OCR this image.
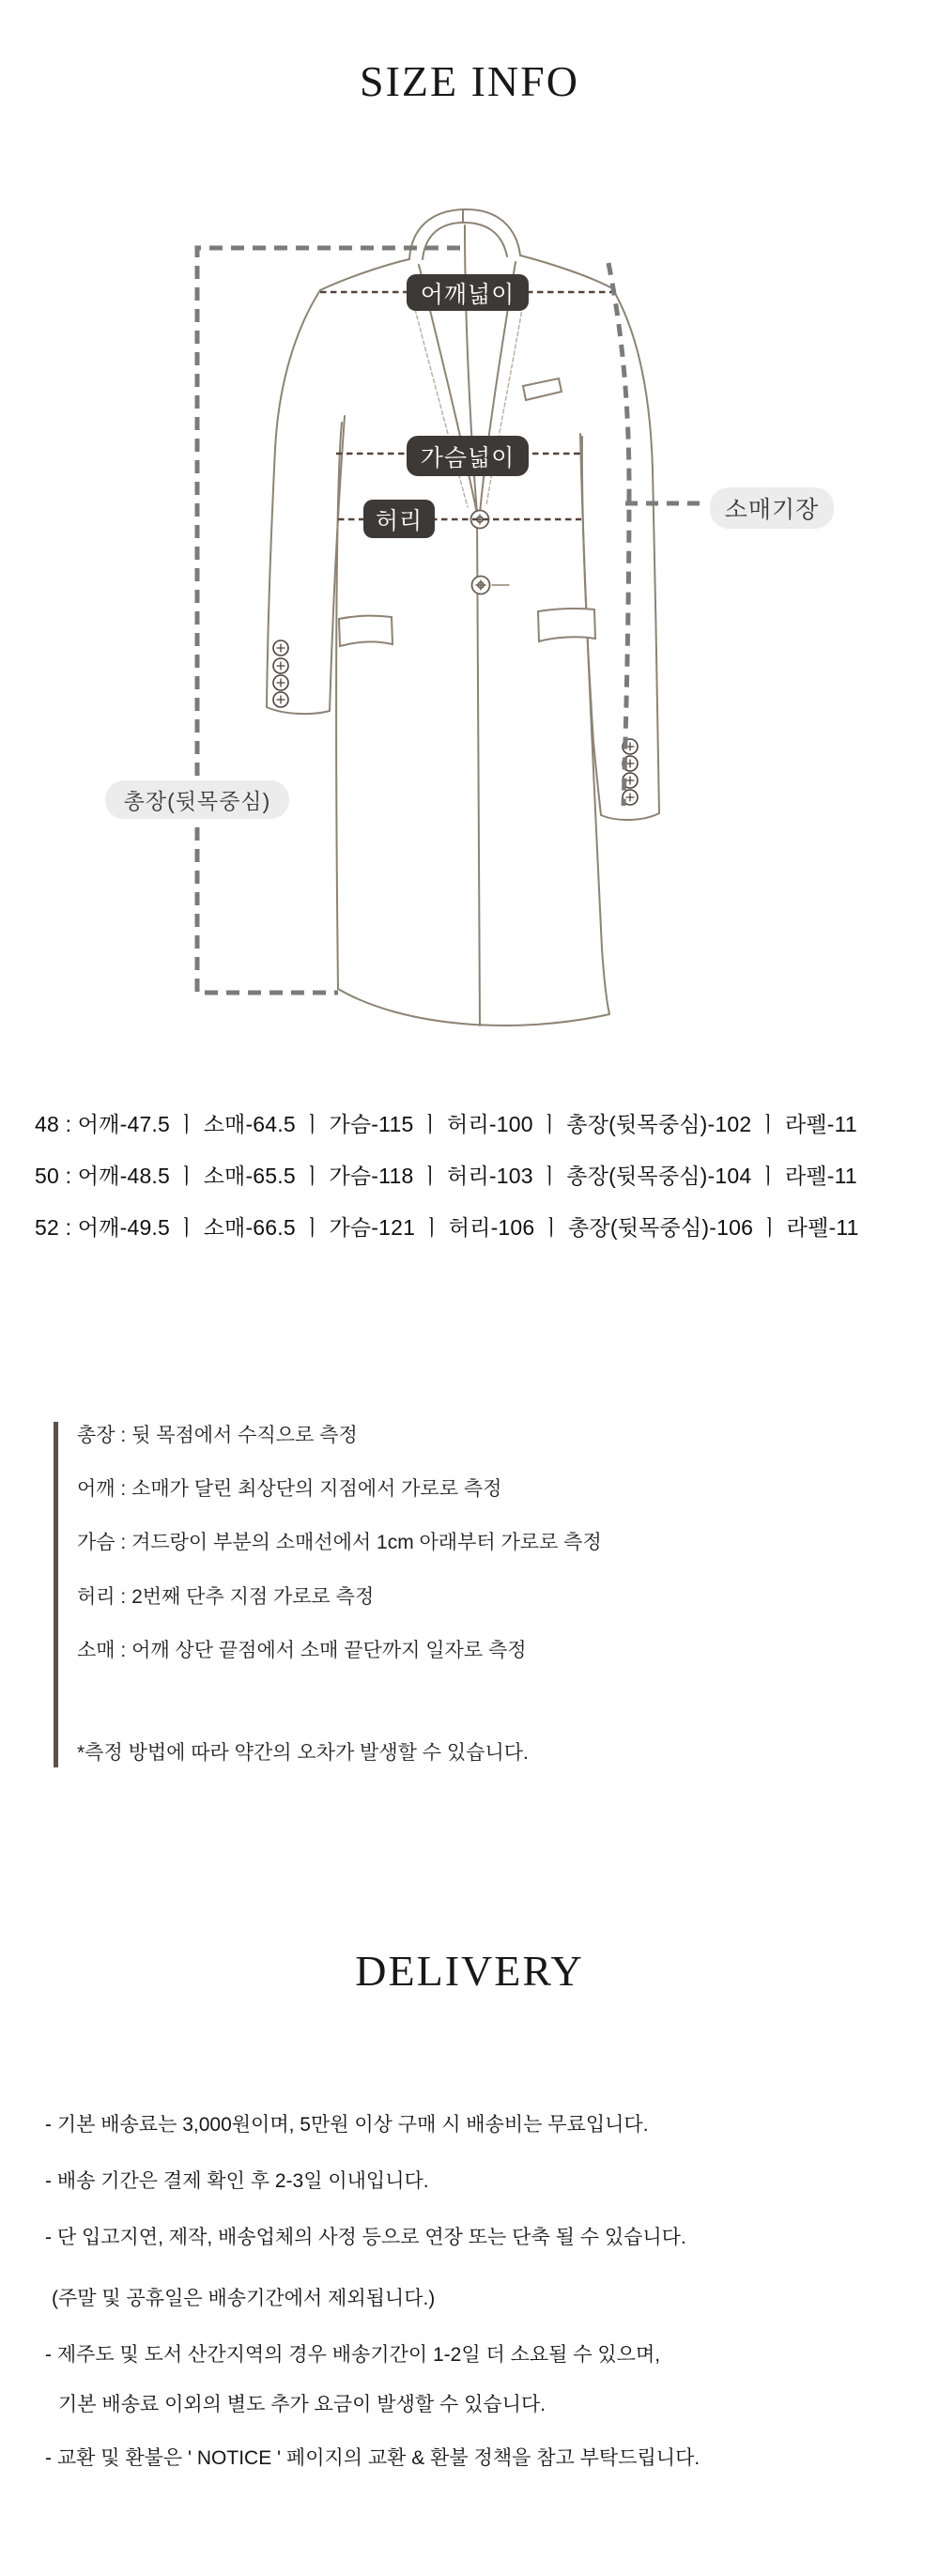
SIZE INFO
어깨넓이
가슴넓이
허리	소매기장
총장(뒷목중심)
48 : 어깨-47.5 ㅣ 소매-64.5 ㅣ 가슴-115 ㅣ 허리-100 ㅣ 총장(뒷목중심)-102 ㅣ 라펠-11
50 : 어깨-48.5 ㅣ 소매-65.5 ㅣ 가슴-118 ㅣ 허리-103 ㅣ 총장(뒷목중심)-104 ㅣ 라펠-11
52 : 어깨-49.5 ㅣ 소매-66.5 ㅣ 가슴-121 ㅣ 허리-106 ㅣ 총장(뒷목중심)-106 ㅣ 라펠-11
총장 : 뒷 목점에서 수직으로 측정
어깨 : 소매가 달린 최상단의 지점에서 가로로 측정
가슴 : 겨드랑이 부분의 소매선에서 1cm 아래부터 가로로 측정
허리 : 2번째 단추 지점 가로로 측정
소매 : 어깨 상단 끝점에서 소매 끝단까지 일자로 측정
*측정 방법에 따라 약간의 오차가 발생할 수 있습니다.
DELIVERY
- 기본 배송료는 3,000원이며, 5만원 이상 구매 시 배송비는 무료입니다.
- 배송 기간은 결제 확인 후 2-3일 이내입니다.
- 단 입고지연, 제작, 배송업체의 사정 등으로 연장 또는 단축 될 수 있습니다.
(주말 및 공휴일은 배송기간에서 제외됩니다.)
- 제주도 및 도서 산간지역의 경우 배송기간이 1-2일 더 소요될 수 있으며,
기본 배송료 이외의 별도 추가 요금이 발생할 수 있습니다.
- 교환 및 환불은 ' NOTICE ' 페이지의 교환 & 환불 정책을 참고 부탁드립니다.
